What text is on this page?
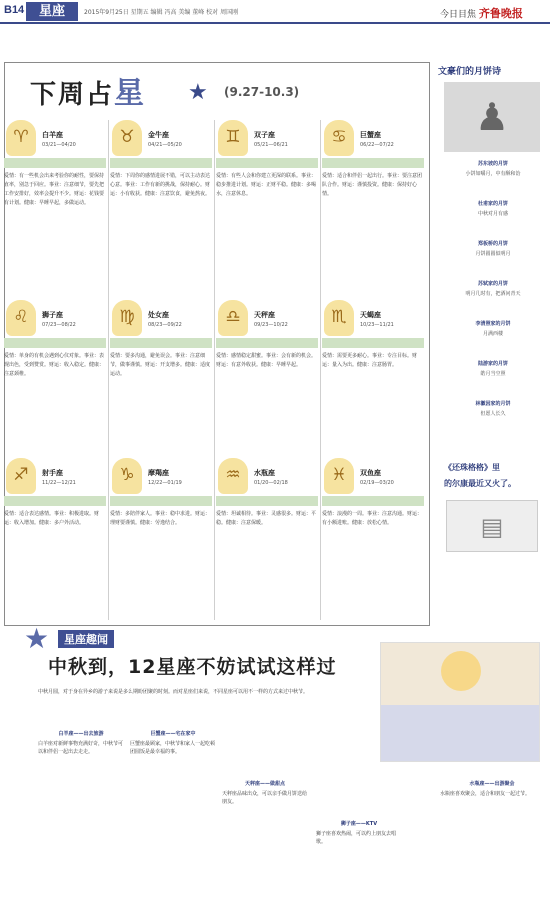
B14	星座	2015年9月25日 星期五 编辑 冯高 美编 董峰 校对 周国刚	今日目焦 齐鲁晚报
下周占星 ★ (9.27-10.3)
♈	白羊座
03/21—04/20
爱情：有一些机会出来考验你的耐性，要保持直率，别急于回应。事业：注意细节，要先把工作安排好，效率会提升不少。财运：花钱要有计划。健康：早睡早起，多做运动。
♉	金牛座
04/21—05/20
爱情：下周你的感情进展不错，可以主动表达心意。事业：工作有新的挑战，保持耐心。财运：小有收获。健康：注意饮食，避免熬夜。
♊	双子座
05/21—06/21
爱情：有些人会和你建立更深的联系。事业：稳步推进计划。财运：正财平稳。健康：多喝水，注意休息。
♋	巨蟹座
06/22—07/22
爱情：适合和伴侣一起出行。事业：要注意团队合作。财运：谨慎投资。健康：保持好心情。
♌	狮子座
07/23—08/22
爱情：单身的有机会遇到心仪对象。事业：表现出色，受到赞赏。财运：收入稳定。健康：注意颈椎。
♍	处女座
08/23—09/22
爱情：要多沟通，避免误会。事业：注意细节，做事谨慎。财运：开支增多。健康：适度运动。
♎	天秤座
09/23—10/22
爱情：感情稳定甜蜜。事业：会有新的机会。财运：有意外收获。健康：早睡早起。
♏	天蝎座
10/23—11/21
爱情：需要更多耐心。事业：专注目标。财运：量入为出。健康：注意肠胃。
♐	射手座
11/22—12/21
爱情：适合表达感情。事业：积极进取。财运：收入增加。健康：多户外活动。
♑	摩羯座
12/22—01/19
爱情：多陪伴家人。事业：稳中求进。财运：理财要谨慎。健康：劳逸结合。
♒	水瓶座
01/20—02/18
爱情：坦诚相待。事业：灵感很多。财运：平稳。健康：注意保暖。
♓	双鱼座
02/19—03/20
爱情：浪漫的一周。事业：注意沟通。财运：有小额进账。健康：放松心情。
文豪们的月饼诗
♟
苏东坡的月饼
小饼如嚼月，中有酥和饴
杜甫家的月饼
中秋对月有感
郑板桥的月饼
月饼圆圆似明月
苏轼家的月饼
明月几时有，把酒问青天
李清照家的月饼
月满西楼
陆游家的月饼
皓月当空照
林徽因家的月饼
但愿人长久
《还珠格格》里
的尔康最近又火了。
▤
★	星座趣闻
中秋到，12星座不妨试试这样过
中秋月圆，对于身在异乡的游子来说是多么期盼团聚的时刻。而对星座们来说，不同星座可以用不一样的方式来过中秋节。
白羊座——出去旅游
白羊座对新鲜事物充满好奇，中秋节可以和伴侣一起出去走走。
巨蟹座——宅在家中
巨蟹座最顾家，中秋节和家人一起吃顿团圆饭是最幸福的事。
天秤座——做甜点
天秤座品味出众，可以亲手做月饼送给朋友。
狮子座——KTV
狮子座喜欢热闹，可以约上朋友去唱歌。
水瓶座——出游聚会
水瓶座喜欢聚会，适合和朋友一起过节。
